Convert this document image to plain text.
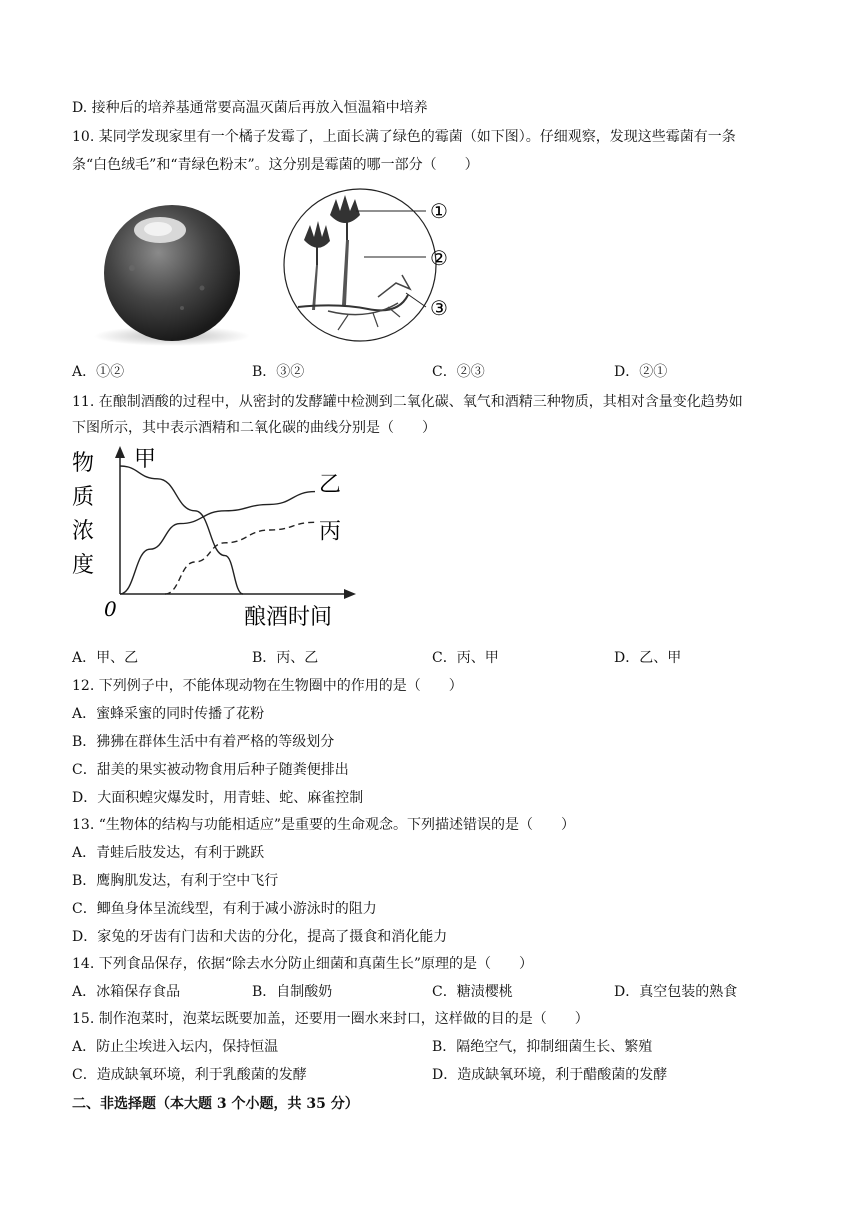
D. 接种后的培养基通常要高温灭菌后再放入恒温箱中培养
10. 某同学发现家里有一个橘子发霉了，上面长满了绿色的霉菌（如下图）。仔细观察，发现这些霉菌有一条
条“白色绒毛”和“青绿色粉末”。这分别是霉菌的哪一部分（　　）
①
②
③
A．①②	B．③②	C．②③	D．②①
11. 在酿制酒酸的过程中，从密封的发酵罐中检测到二氧化碳、氧气和酒精三种物质，其相对含量变化趋势如
下图所示，其中表示酒精和二氧化碳的曲线分别是（　　）
物
质
浓
度
0	酿酒时间
甲
乙
丙
A．甲、乙	B．丙、乙	C．丙、甲	D．乙、甲
12. 下列例子中，不能体现动物在生物圈中的作用的是（　　）
A．蜜蜂采蜜的同时传播了花粉
B．狒狒在群体生活中有着严格的等级划分
C．甜美的果实被动物食用后种子随粪便排出
D．大面积蝗灾爆发时，用青蛙、蛇、麻雀控制
13. “生物体的结构与功能相适应”是重要的生命观念。下列描述错误的是（　　）
A．青蛙后肢发达，有利于跳跃
B．鹰胸肌发达，有利于空中飞行
C．鲫鱼身体呈流线型，有利于减小游泳时的阻力
D．家兔的牙齿有门齿和犬齿的分化，提高了摄食和消化能力
14. 下列食品保存，依据“除去水分防止细菌和真菌生长”原理的是（　　）
A．冰箱保存食品	B．自制酸奶	C．糖渍樱桃	D．真空包装的熟食
15. 制作泡菜时，泡菜坛既要加盖，还要用一圈水来封口，这样做的目的是（　　）
A．防止尘埃进入坛内，保持恒温	B．隔绝空气，抑制细菌生长、繁殖
C．造成缺氧环境，利于乳酸菌的发酵	D．造成缺氧环境，利于醋酸菌的发酵
二、非选择题（本大题 3 个小题，共 35 分）
